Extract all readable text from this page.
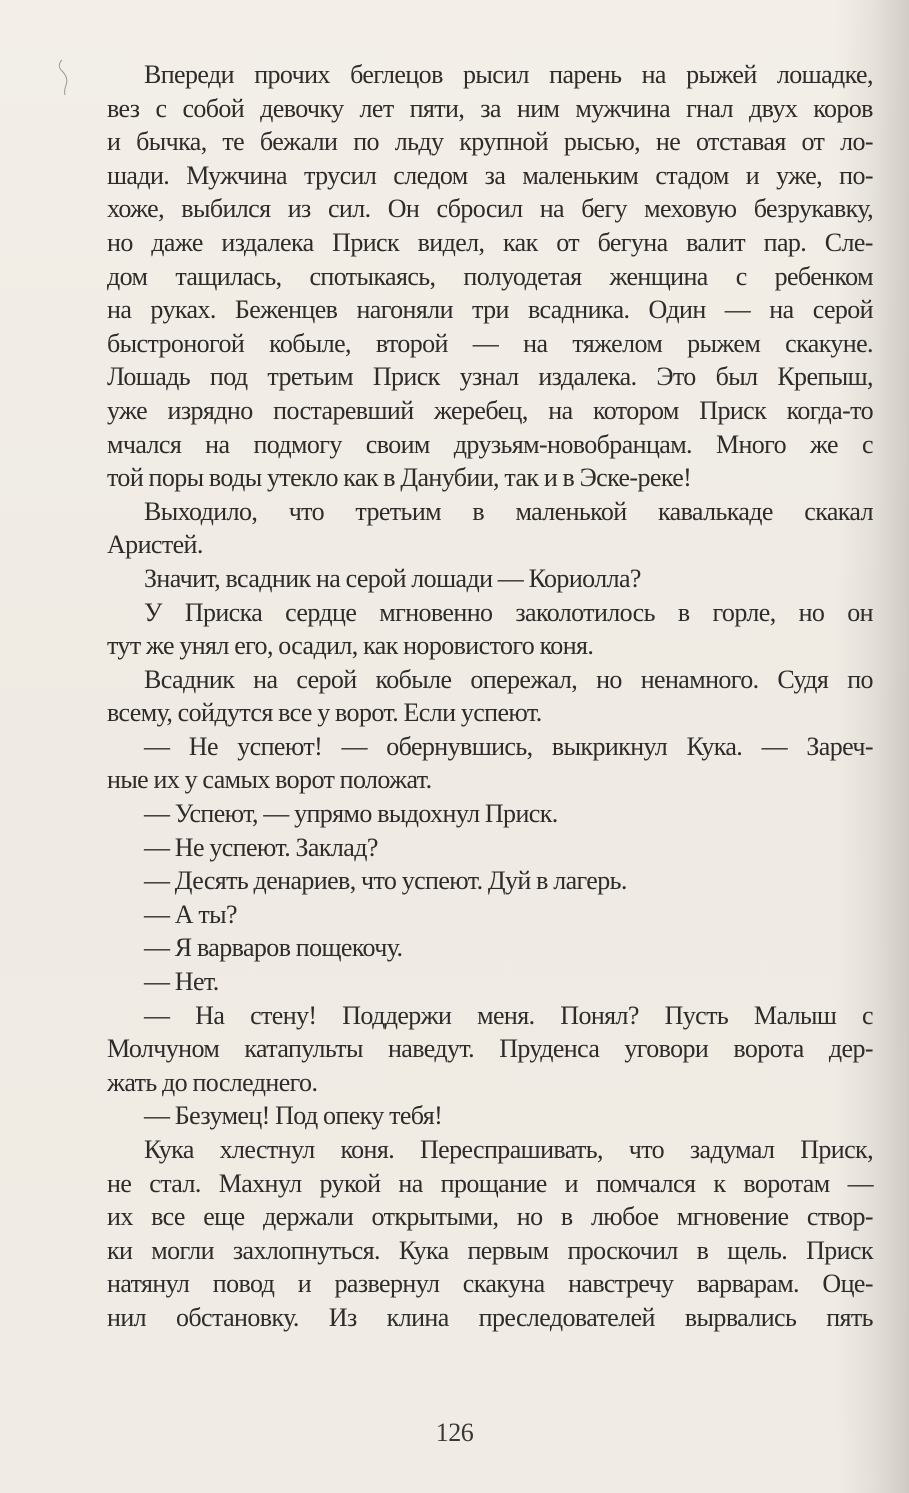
Впереди прочих беглецов рысил парень на рыжей лошадке,
вез с собой девочку лет пяти, за ним мужчина гнал двух коров
и бычка, те бежали по льду крупной рысью, не отставая от ло-
шади. Мужчина трусил следом за маленьким стадом и уже, по-
хоже, выбился из сил. Он сбросил на бегу меховую безрукавку,
но даже издалека Приск видел, как от бегуна валит пар. Сле-
дом тащилась, спотыкаясь, полуодетая женщина с ребенком
на руках. Беженцев нагоняли три всадника. Один — на серой
быстроногой кобыле, второй — на тяжелом рыжем скакуне.
Лошадь под третьим Приск узнал издалека. Это был Крепыш,
уже изрядно постаревший жеребец, на котором Приск когда-то
мчался на подмогу своим друзьям-новобранцам. Много же с
той поры воды утекло как в Данубии, так и в Эске-реке!
Выходило, что третьим в маленькой кавалькаде скакал
Аристей.
Значит, всадник на серой лошади — Кориолла?
У Приска сердце мгновенно заколотилось в горле, но он
тут же унял его, осадил, как норовистого коня.
Всадник на серой кобыле опережал, но ненамного. Судя по
всему, сойдутся все у ворот. Если успеют.
— Не успеют! — обернувшись, выкрикнул Кука. — Зареч-
ные их у самых ворот положат.
— Успеют, — упрямо выдохнул Приск.
— Не успеют. Заклад?
— Десять денариев, что успеют. Дуй в лагерь.
— А ты?
— Я варваров пощекочу.
— Нет.
— На стену! Поддержи меня. Понял? Пусть Малыш с
Молчуном катапульты наведут. Пруденса уговори ворота дер-
жать до последнего.
— Безумец! Под опеку тебя!
Кука хлестнул коня. Переспрашивать, что задумал Приск,
не стал. Махнул рукой на прощание и помчался к воротам —
их все еще держали открытыми, но в любое мгновение створ-
ки могли захлопнуться. Кука первым проскочил в щель. Приск
натянул повод и развернул скакуна навстречу варварам. Оце-
нил обстановку. Из клина преследователей вырвались пять
126
